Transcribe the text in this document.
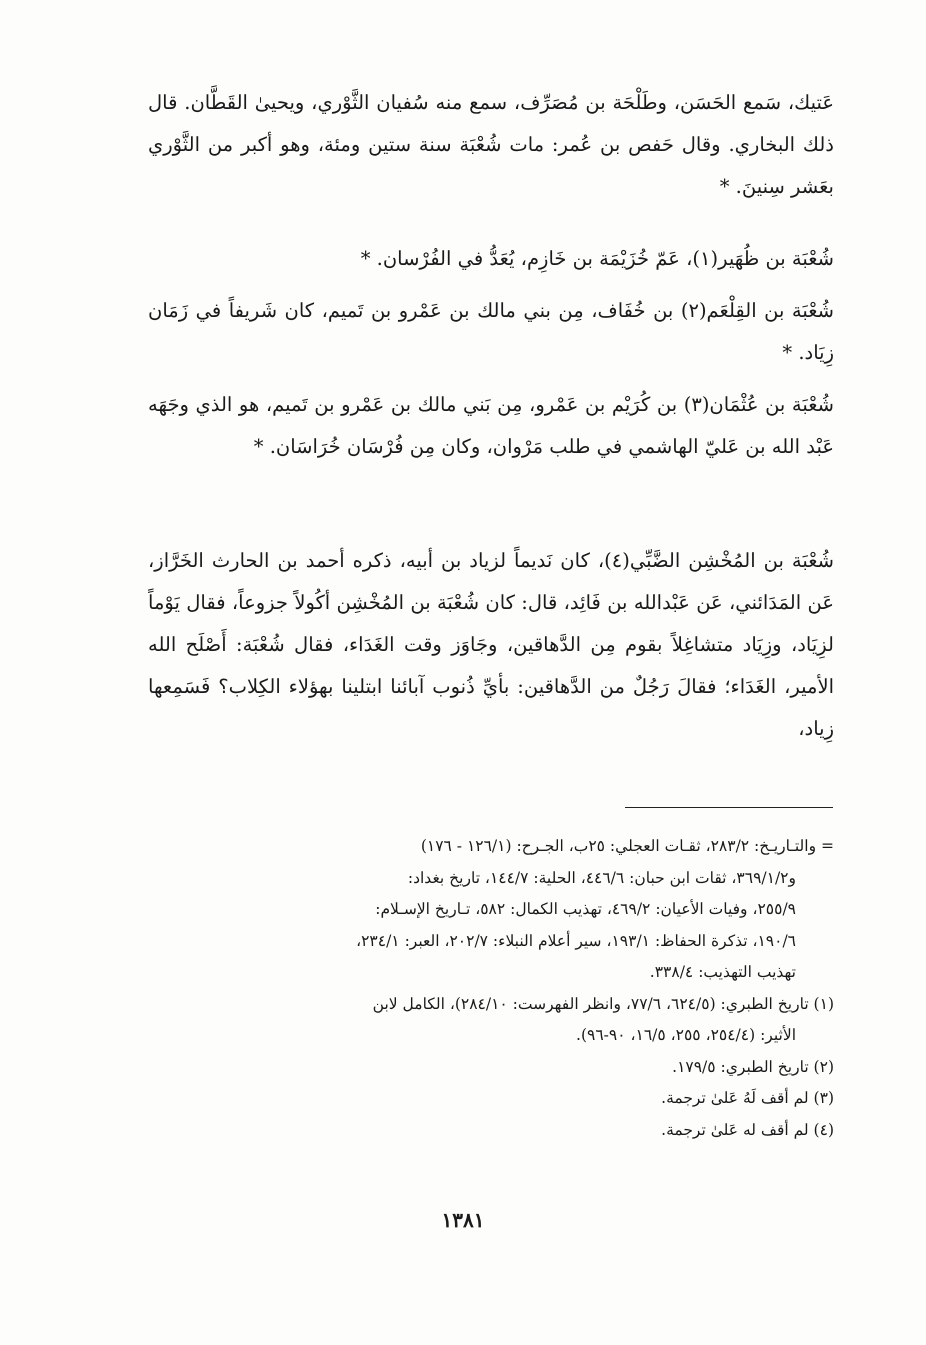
عَتيك، سَمع الحَسَن، وطَلْحَة بن مُصَرِّف، سمع منه سُفيان الثَّوْري، ويحيىٰ القَطَّان. قال ذلك البخاري. وقال حَفص بن عُمر: مات شُعْبَة سنة ستين ومئة، وهو أكبر من الثَّوْري بعَشر سِنينَ. *

شُعْبَة بن ظُهَير(١)، عَمّ خُزَيْمَة بن خَازِم، يُعَدُّ في الفُرْسان. *

شُعْبَة بن القِلْعَم(٢) بن خُفَاف، مِن بني مالك بن عَمْرو بن تَميم، كان شَريفاً في زَمَان زِيَاد. *

شُعْبَة بن عُثْمَان(٣) بن كُرَيْم بن عَمْرو، مِن بَني مالك بن عَمْرو بن تَميم، هو الذي وجَهَه عَبْد الله بن عَليّ الهاشمي في طلب مَرْوان، وكان مِن فُرْسَان خُرَاسَان. *

شُعْبَة بن المُخْشِن الضَّبِّي(٤)، كان نَديماً لزياد بن أبيه، ذكره أحمد بن الحارث الخَرَّاز، عَن المَدَائني، عَن عَبْدالله بن فَائِد، قال: كان شُعْبَة بن المُخْشِن أكُولاً جزوعاً، فقال يَوْماً لزِيَاد، وزِيَاد متشاغِلاً بقوم مِن الدَّهاقين، وجَاوَز وقت الغَدَاء، فقال شُعْبَة: أَصْلَح الله الأمير، الغَدَاء؛ فقالَ رَجُلٌ من الدَّهاقين: بأيِّ ذُنوب آبائنا ابتلينا بهؤلاء الكِلاب؟ فَسَمِعها زِياد،

= والتـاريـخ: ٢٨٣/٢، ثقـات العجلي: ٢٥ب، الجـرح: (١٢٦/١ - ١٧٦)

و٣٦٩/١/٢، ثقات ابن حبان: ٤٤٦/٦، الحلية: ١٤٤/٧، تاريخ بغداد:

٢٥٥/٩، وفيات الأعيان: ٤٦٩/٢، تهذيب الكمال: ٥٨٢، تـاريخ الإسـلام:

١٩٠/٦، تذكرة الحفاظ: ١٩٣/١، سير أعلام النبلاء: ٢٠٢/٧، العبر: ٢٣٤/١،

تهذيب التهذيب: ٣٣٨/٤.

(١) تاريخ الطبري: (٦٢٤/٥، ٧٧/٦، وانظر الفهرست: ٢٨٤/١٠)، الكامل لابن

الأثير: (٢٥٤/٤، ٢٥٥، ١٦/٥، ٩٠-٩٦).

(٢) تاريخ الطبري: ١٧٩/٥.

(٣) لم أقف لَهُ عَلىٰ ترجمة.

(٤) لم أقف له عَلىٰ ترجمة.

١٣٨١
